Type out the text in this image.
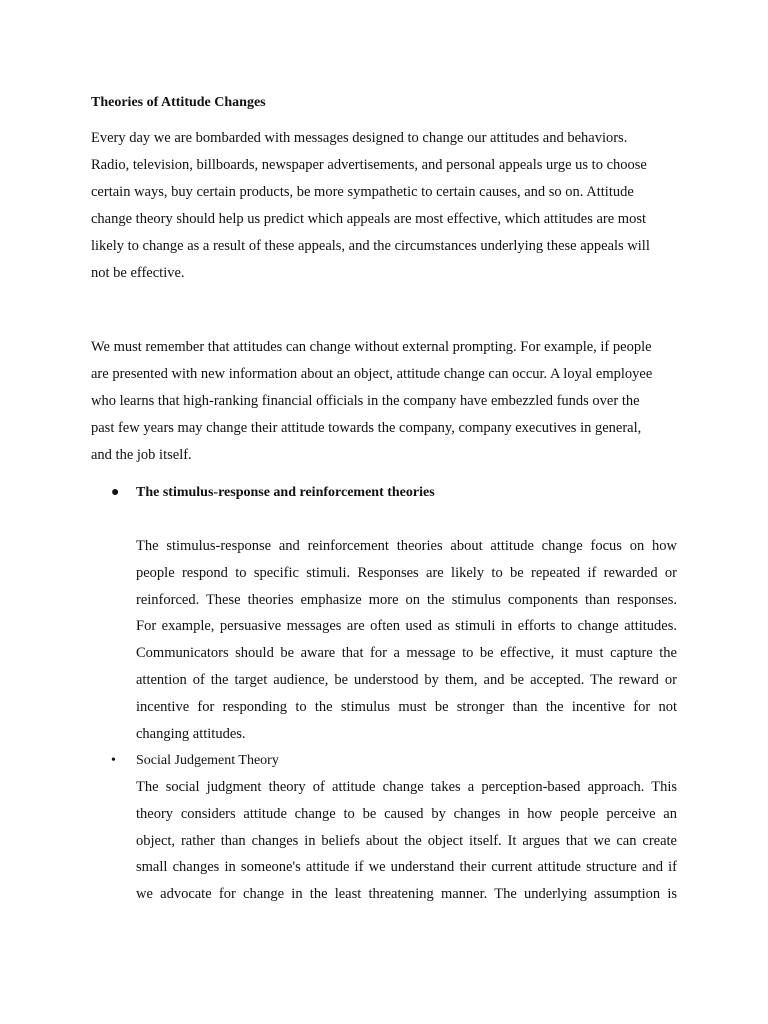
Theories of Attitude Changes

Every day we are bombarded with messages designed to change our attitudes and behaviors.
Radio, television, billboards, newspaper advertisements, and personal appeals urge us to choose
certain ways, buy certain products, be more sympathetic to certain causes, and so on. Attitude
change theory should help us predict which appeals are most effective, which attitudes are most
likely to change as a result of these appeals, and the circumstances underlying these appeals will
not be effective.

We must remember that attitudes can change without external prompting. For example, if people
are presented with new information about an object, attitude change can occur. A loyal employee
who learns that high-ranking financial officials in the company have embezzled funds over the
past few years may change their attitude towards the company, company executives in general,
and the job itself.

● The stimulus-response and reinforcement theories

The stimulus-response and reinforcement theories about attitude change focus on how
people respond to specific stimuli. Responses are likely to be repeated if rewarded or
reinforced. These theories emphasize more on the stimulus components than responses.
For example, persuasive messages are often used as stimuli in efforts to change attitudes.
Communicators should be aware that for a message to be effective, it must capture the
attention of the target audience, be understood by them, and be accepted. The reward or
incentive for responding to the stimulus must be stronger than the incentive for not
changing attitudes.

• Social Judgement Theory

The social judgment theory of attitude change takes a perception-based approach. This
theory considers attitude change to be caused by changes in how people perceive an
object, rather than changes in beliefs about the object itself. It argues that we can create
small changes in someone's attitude if we understand their current attitude structure and if
we advocate for change in the least threatening manner. The underlying assumption is
